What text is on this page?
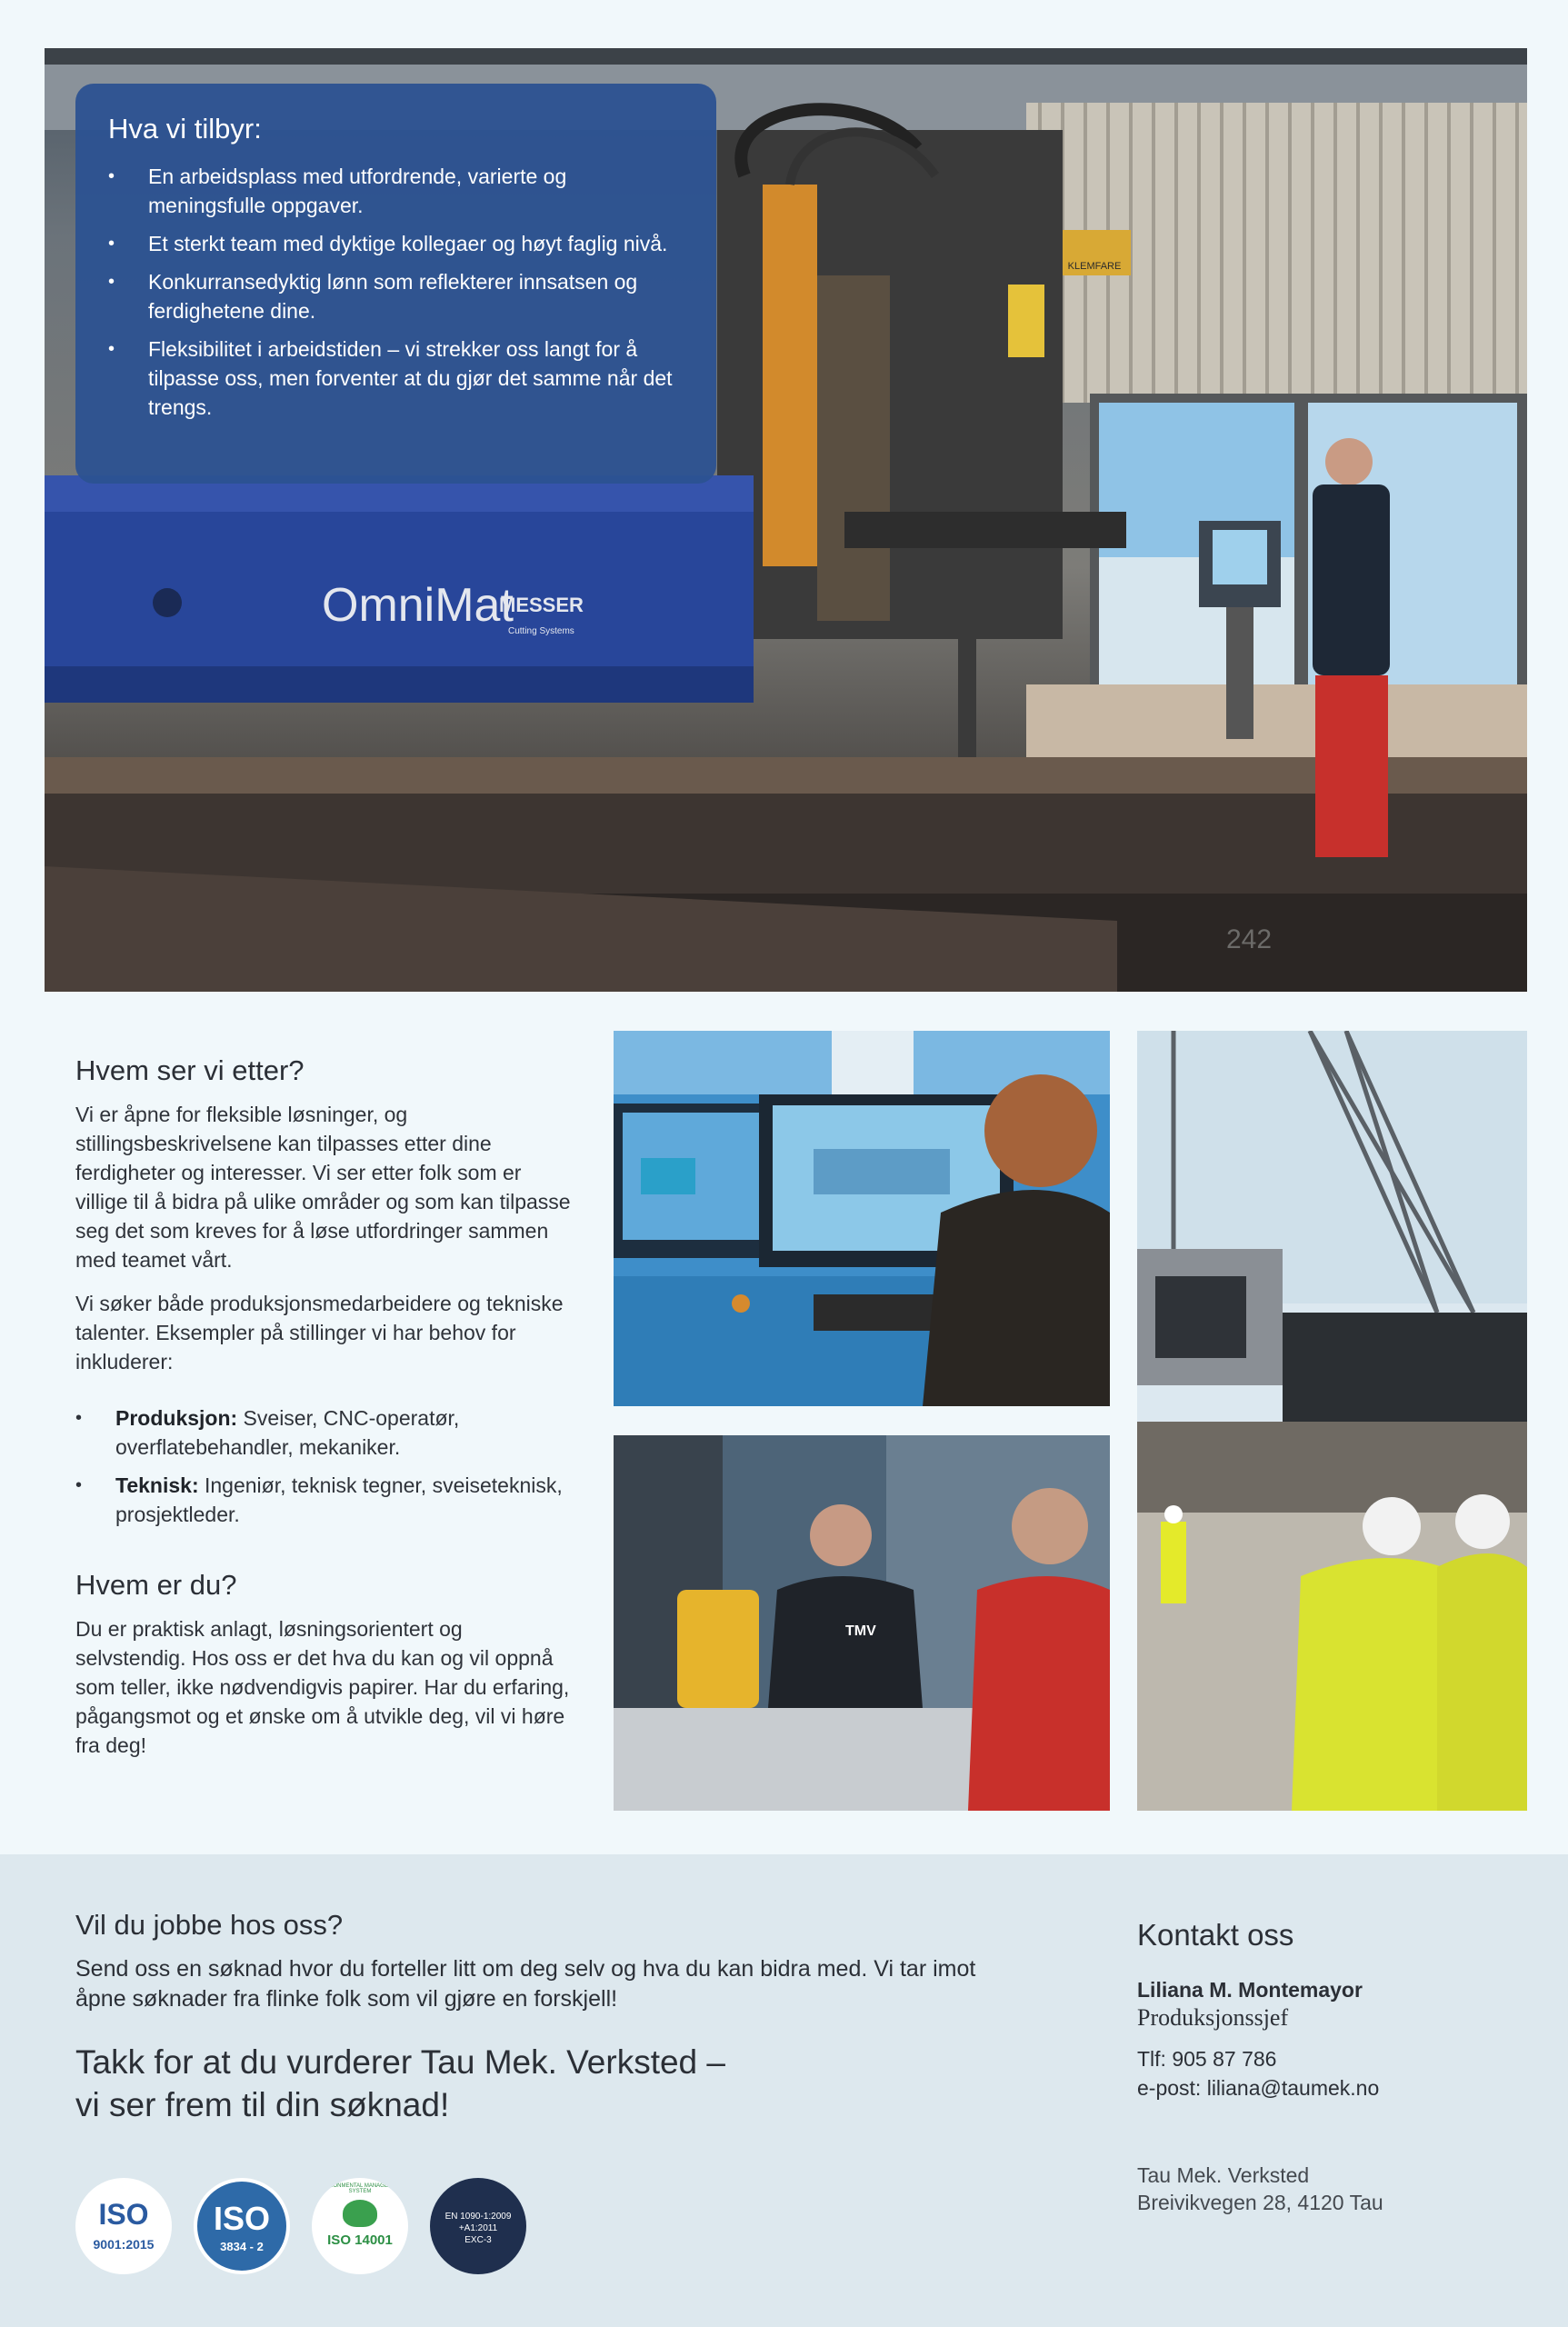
KLEMFARE
OmniMat
MESSER
Cutting Systems
242
Hva vi tilbyr:
• En arbeidsplass med utfordrende, varierte og meningsfulle oppgaver.
• Et sterkt team med dyktige kollegaer og høyt faglig nivå.
• Konkurransedyktig lønn som reflekterer innsatsen og ferdighetene dine.
• Fleksibilitet i arbeidstiden – vi strekker oss langt for å tilpasse oss, men forventer at du gjør det samme når det trengs.
Hvem ser vi etter?

Vi er åpne for fleksible løsninger, og stillingsbeskrivelsene kan tilpasses etter dine ferdigheter og interesser. Vi ser etter folk som er villige til å bidra på ulike områder og som kan tilpasse seg det som kreves for å løse utfordringer sammen med teamet vårt.

Vi søker både produksjonsmedarbeidere og tekniske talenter. Eksempler på stillinger vi har behov for inkluderer:

• Produksjon: Sveiser, CNC-operatør, overflatebehandler, mekaniker.
• Teknisk: Ingeniør, teknisk tegner, sveiseteknisk, prosjektleder.
Hvem er du?

Du er praktisk anlagt, løsningsorientert og selvstendig. Hos oss er det hva du kan og vil oppnå som teller, ikke nødvendigvis papirer. Har du erfaring, pågangsmot og et ønske om å utvikle deg, vil vi høre fra deg!

TMV
Vil du jobbe hos oss?
Send oss en søknad hvor du forteller litt om deg selv og hva du kan bidra med. Vi tar imot åpne søknader fra flinke folk som vil gjøre en forskjell!
Takk for at du vurderer Tau Mek. Verksted –
vi ser frem til din søknad!
Kontakt oss
Liliana M. Montemayor
Produksjonssjef
Tlf: 905 87 786
e-post: liliana@taumek.no
Tau Mek. Verksted
Breivikvegen 28, 4120 Tau
ISO
9001:2015
ISO
3834 - 2
ENVIRONMENTAL MANAGEMENT SYSTEM
ISO 14001
EN 1090-1:2009
+A1:2011
EXC-3
